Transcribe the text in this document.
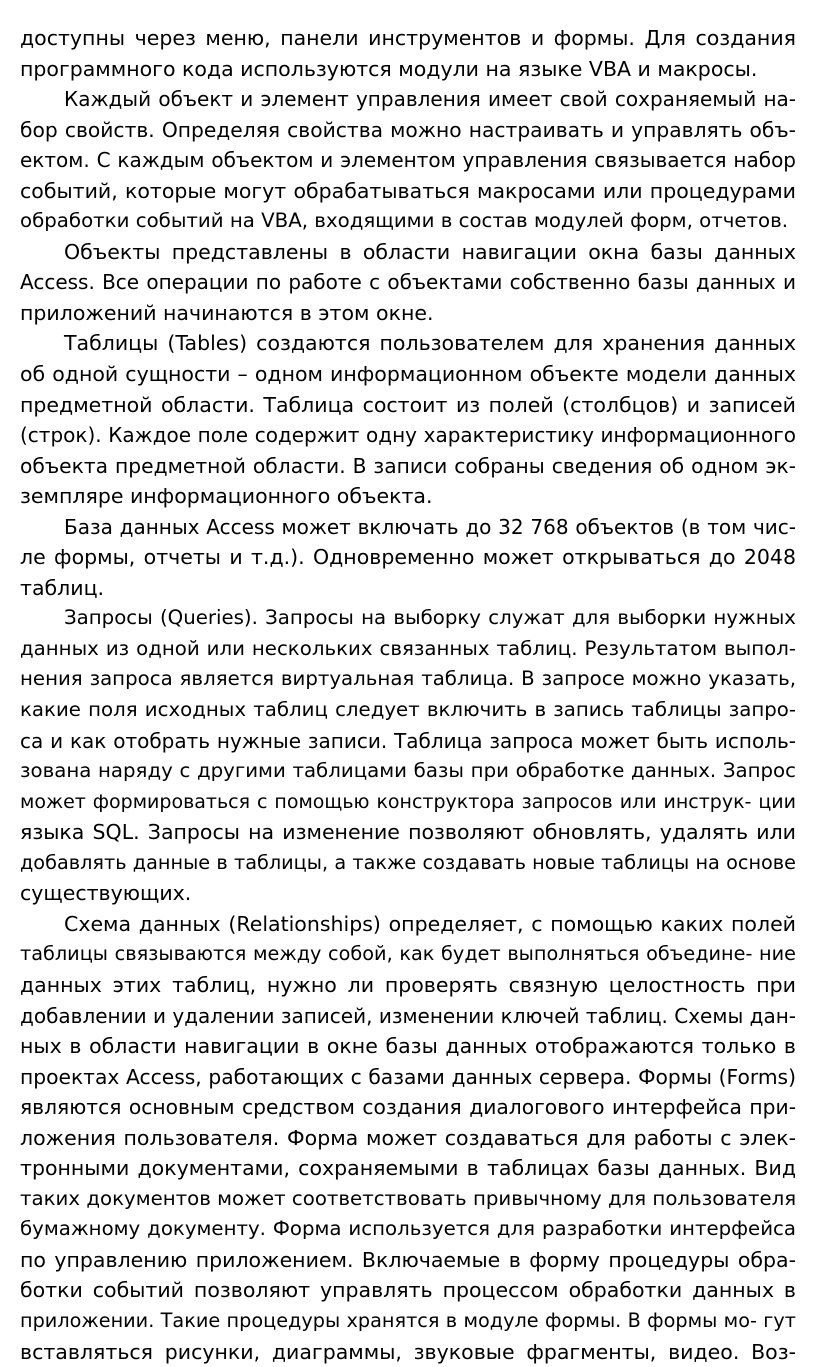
доступны через меню, панели инструментов и формы. Для создания
программного кода используются модули на языке VBA и макросы.
Каждый объект и элемент управления имеет свой сохраняемый на-
бор свойств. Определяя свойства можно настраивать и управлять объ-
ектом. С каждым объектом и элементом управления связывается набор
событий, которые могут обрабатываться макросами или процедурами
обработки событий на VBA, входящими в состав модулей форм, отчетов.
Объекты представлены в области навигации окна базы данных
Access. Все операции по работе с объектами собственно базы данных и
приложений начинаются в этом окне.
Таблицы (Tables) создаются пользователем для хранения данных
об одной сущности – одном информационном объекте модели данных
предметной области. Таблица состоит из полей (столбцов) и записей
(строк). Каждое поле содержит одну характеристику информационного
объекта предметной области. В записи собраны сведения об одном эк-
земпляре информационного объекта.
База данных Access может включать до 32 768 объектов (в том чис-
ле формы, отчеты и т.д.). Одновременно может открываться до 2048
таблиц.
Запросы (Queries). Запросы на выборку служат для выборки нужных
данных из одной или нескольких связанных таблиц. Результатом выпол-
нения запроса является виртуальная таблица. В запросе можно указать,
какие поля исходных таблиц следует включить в запись таблицы запро-
са и как отобрать нужные записи. Таблица запроса может быть исполь-
зована наряду с другими таблицами базы при обработке данных. Запрос
может формироваться с помощью конструктора запросов или инструк- ции
языка SQL. Запросы на изменение позволяют обновлять, удалять или
добавлять данные в таблицы, а также создавать новые таблицы на основе
существующих.
Схема данных (Relationships) определяет, с помощью каких полей
таблицы связываются между собой, как будет выполняться объедине- ние
данных этих таблиц, нужно ли проверять связную целостность при
добавлении и удалении записей, изменении ключей таблиц. Схемы дан-
ных в области навигации в окне базы данных отображаются только в
проектах Access, работающих с базами данных сервера. Формы (Forms)
являются основным средством создания диалогового интерфейса при-
ложения пользователя. Форма может создаваться для работы с элек-
тронными документами, сохраняемыми в таблицах базы данных. Вид
таких документов может соответствовать привычному для пользователя
бумажному документу. Форма используется для разработки интерфейса
по управлению приложением. Включаемые в форму процедуры обра-
ботки событий позволяют управлять процессом обработки данных в
приложении. Такие процедуры хранятся в модуле формы. В формы мо- гут
вставляться рисунки, диаграммы, звуковые фрагменты, видео. Воз-
